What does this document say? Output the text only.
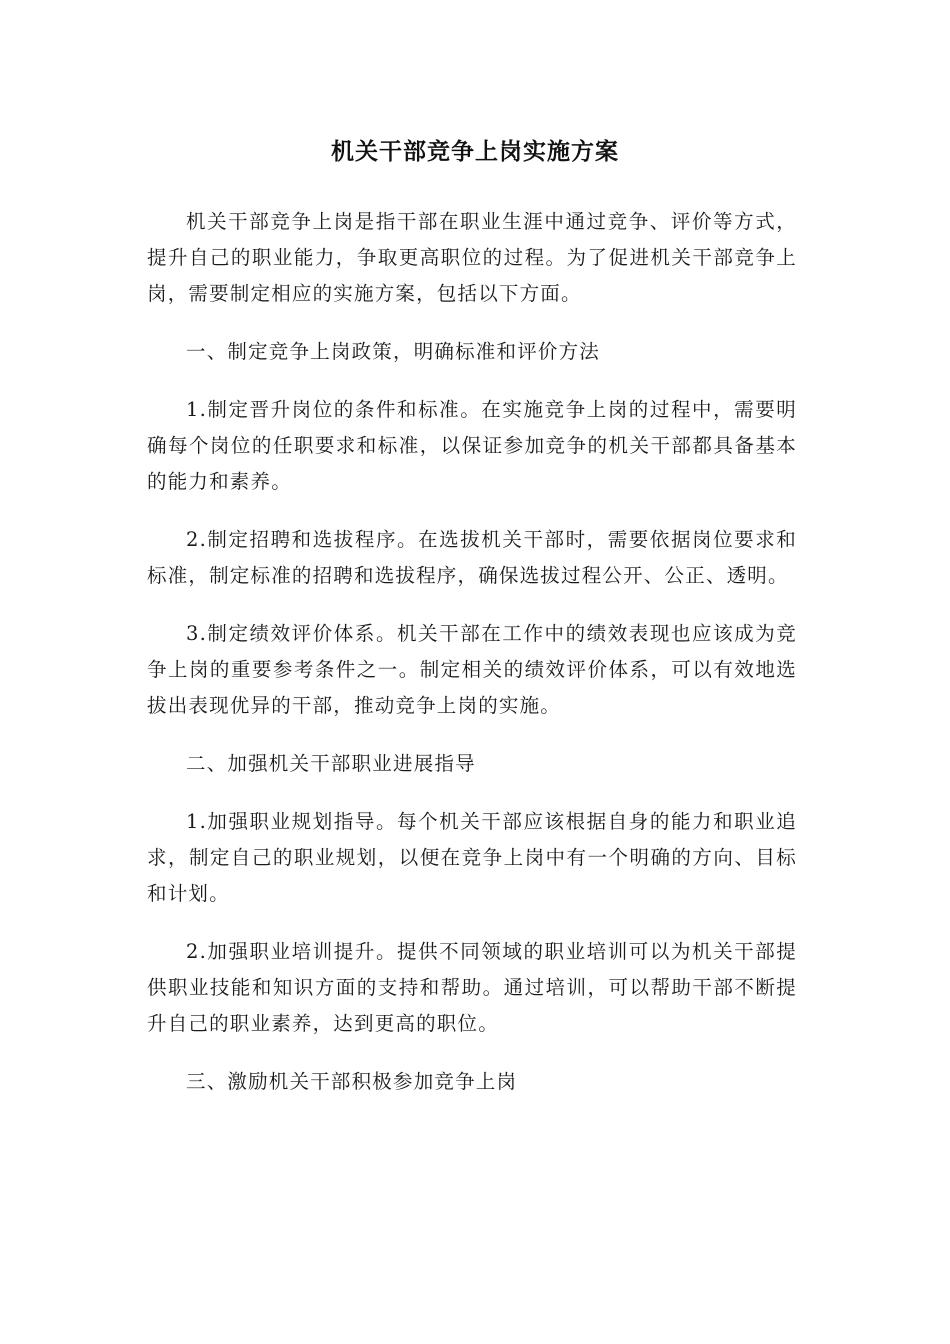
机关干部竞争上岗实施方案

机关干部竞争上岗是指干部在职业生涯中通过竞争、评价等方式，提升自己的职业能力，争取更高职位的过程。为了促进机关干部竞争上岗，需要制定相应的实施方案，包括以下方面。

一、制定竞争上岗政策，明确标准和评价方法

1.制定晋升岗位的条件和标准。在实施竞争上岗的过程中，需要明确每个岗位的任职要求和标准，以保证参加竞争的机关干部都具备基本的能力和素养。

2.制定招聘和选拔程序。在选拔机关干部时，需要依据岗位要求和标准，制定标准的招聘和选拔程序，确保选拔过程公开、公正、透明。

3.制定绩效评价体系。机关干部在工作中的绩效表现也应该成为竞争上岗的重要参考条件之一。制定相关的绩效评价体系，可以有效地选拔出表现优异的干部，推动竞争上岗的实施。

二、加强机关干部职业进展指导

1.加强职业规划指导。每个机关干部应该根据自身的能力和职业追求，制定自己的职业规划，以便在竞争上岗中有一个明确的方向、目标和计划。

2.加强职业培训提升。提供不同领域的职业培训可以为机关干部提供职业技能和知识方面的支持和帮助。通过培训，可以帮助干部不断提升自己的职业素养，达到更高的职位。

三、激励机关干部积极参加竞争上岗
